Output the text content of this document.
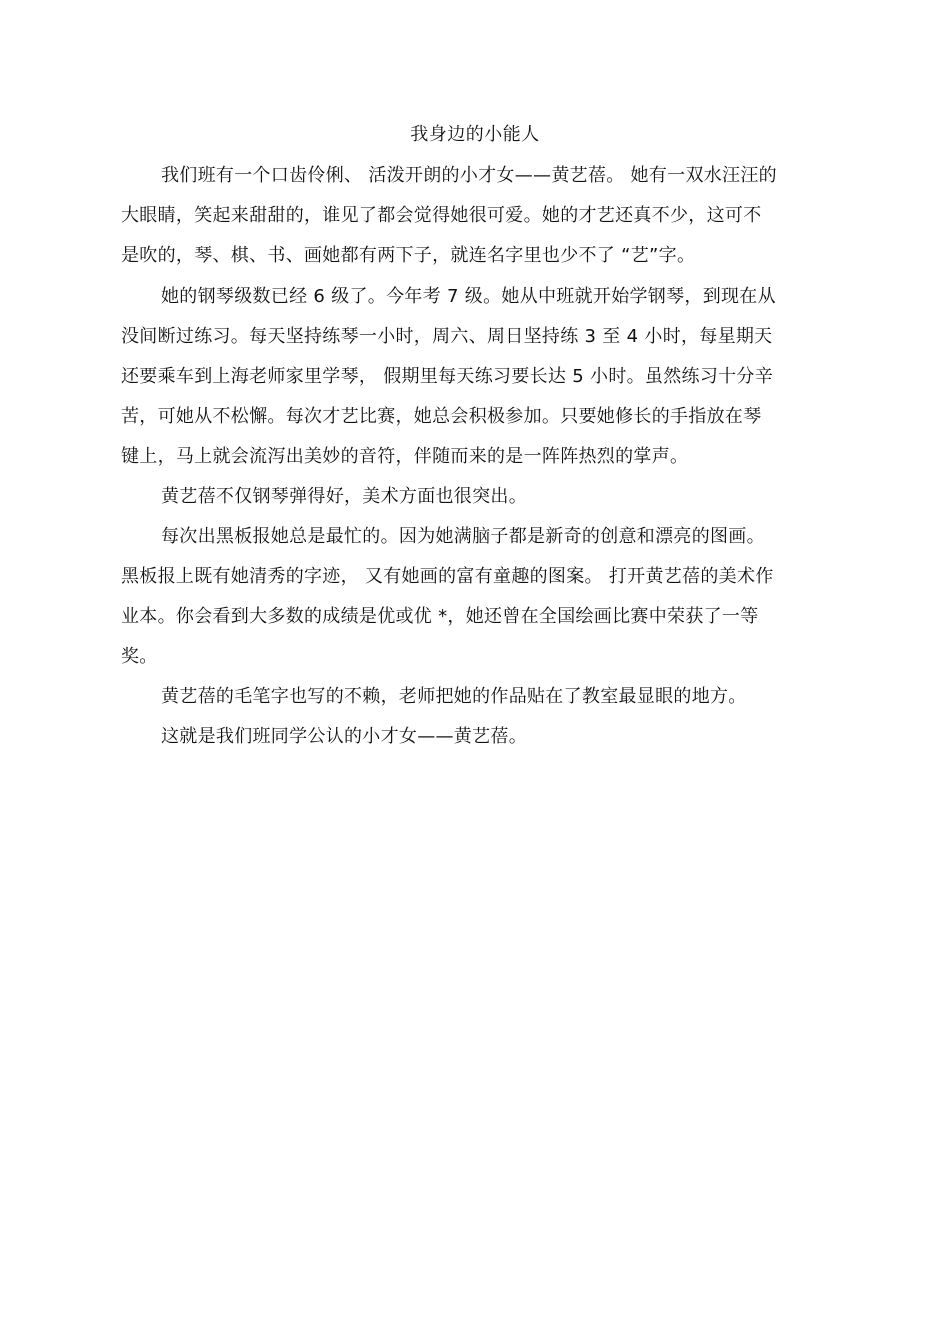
我身边的小能人
我们班有一个口齿伶俐、 活泼开朗的小才女——黄艺蓓。 她有一双水汪汪的
大眼睛，笑起来甜甜的，谁见了都会觉得她很可爱。她的才艺还真不少，这可不
是吹的，琴、棋、书、画她都有两下子，就连名字里也少不了 “艺”字。
她的钢琴级数已经 6 级了。今年考 7 级。她从中班就开始学钢琴，到现在从
没间断过练习。每天坚持练琴一小时，周六、周日坚持练 3 至 4 小时，每星期天
还要乘车到上海老师家里学琴， 假期里每天练习要长达 5 小时。虽然练习十分辛
苦，可她从不松懈。每次才艺比赛，她总会积极参加。只要她修长的手指放在琴
键上，马上就会流泻出美妙的音符，伴随而来的是一阵阵热烈的掌声。
黄艺蓓不仅钢琴弹得好，美术方面也很突出。
每次出黑板报她总是最忙的。因为她满脑子都是新奇的创意和漂亮的图画。
黑板报上既有她清秀的字迹， 又有她画的富有童趣的图案。 打开黄艺蓓的美术作
业本。你会看到大多数的成绩是优或优 *，她还曾在全国绘画比赛中荣获了一等
奖。
黄艺蓓的毛笔字也写的不赖，老师把她的作品贴在了教室最显眼的地方。
这就是我们班同学公认的小才女——黄艺蓓。
